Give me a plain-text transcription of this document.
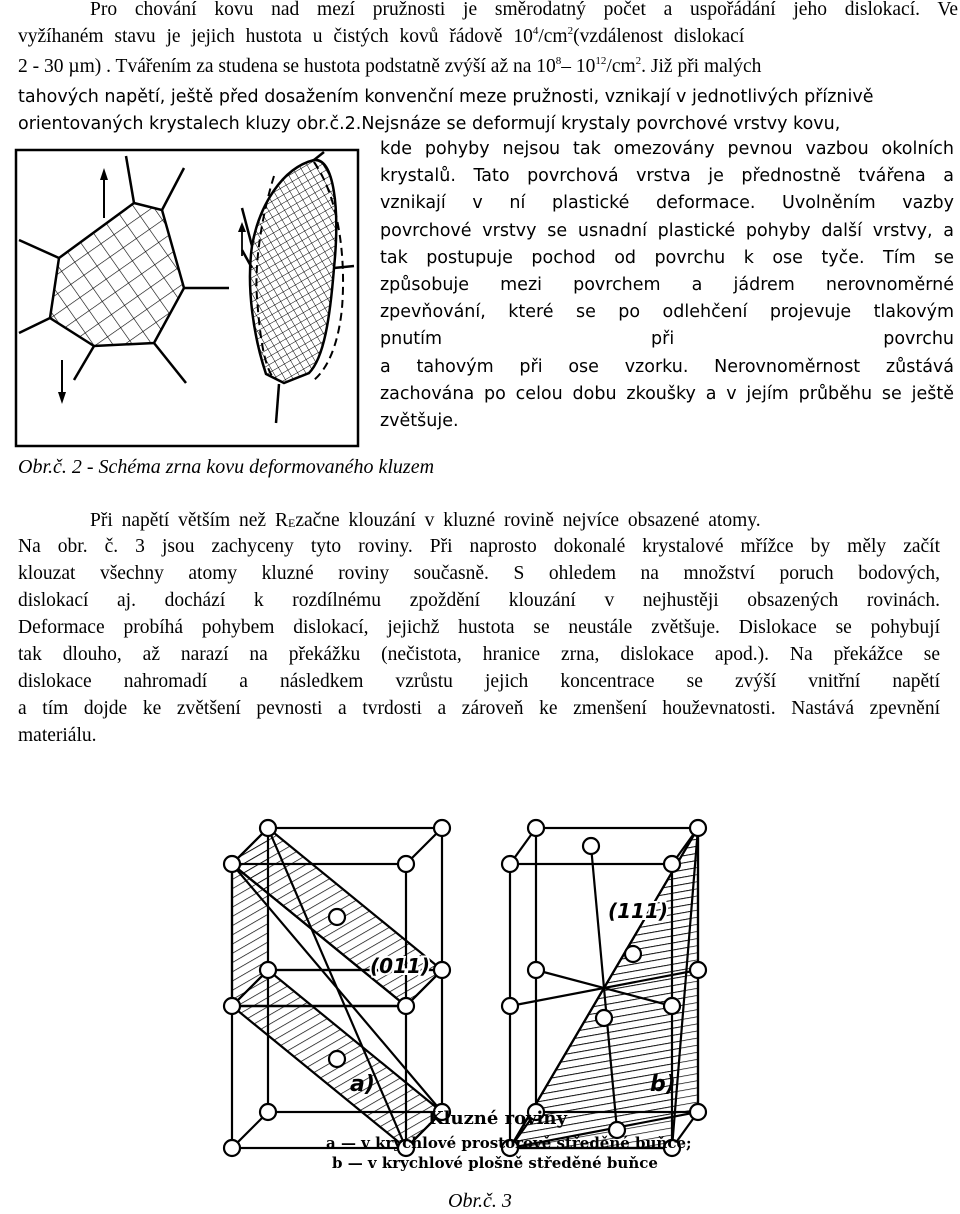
Pro chování kovu nad mezí pružnosti je směrodatný počet a uspořádání jeho dislokací. Ve
vyžíhaném stavu je jejich hustota u čistých kovů řádově $10^4/cm^2(vzdálenost$ dislokací
2 - 30 µm) . Tvářením za studena se hustota podstatně zvýší až na $10^8-$ $10^{12}/cm^2$. Již při malých
tahových napětí, ještě před dosažením konvenční meze pružnosti, vznikají v jednotlivých příznivě
orientovaných krystalech kluzy obr.č.2. Nejsnáze se deformují krystaly povrchové vrstvy kovu,
kde pohyby nejsou tak omezovány pevnou vazbou okolních
krystalů. Tato povrchová vrstva je přednostně tvářena a
vznikají v ní plastické deformace. Uvolněním vazby
povrchové vrstvy se usnadní plastické pohyby další vrstvy, a
tak postupuje pochod od povrchu k ose tyče. Tím se
způsobuje mezi povrchem a jádrem nerovnoměrné
zpevňování, které se po odlehčení projevuje tlakovým
pnutím při povrchu
a tahovým při ose vzorku. Nerovnoměrnost zůstává
zachována po celou dobu zkoušky a v jejím průběhu se ještě
zvětšuje.
Obr.č. 2 - Schéma zrna kovu deformovaného kluzem
Při napětí větším než $R_Ezačne$ klouzání v kluzné rovině nejvíce obsazené atomy.
Na obr. č. 3 jsou zachyceny tyto roviny. Při naprosto dokonalé krystalové mřížce by měly začít
klouzat všechny atomy kluzné roviny současně. S ohledem na množství poruch bodových,
dislokací aj. dochází k rozdílnému zpoždění klouzání v nejhustěji obsazených rovinách.
Deformace probíhá pohybem dislokací, jejichž hustota se neustále zvětšuje. Dislokace se pohybují
tak dlouho, až narazí na překážku (nečistota, hranice zrna, dislokace apod.). Na překážce se
dislokace nahromadí a následkem vzrůstu jejich koncentrace se zvýší vnitřní napětí
a tím dojde ke zvětšení pevnosti a tvrdosti a zároveň ke zmenšení houževnatosti. Nastává zpevnění
materiálu.
(011)
(111)
a)	b)
Kluzné roviny
a — v krychlové prostorově středěné buňce;
b — v krychlové plošně středěné buňce
Obr.č. 3
